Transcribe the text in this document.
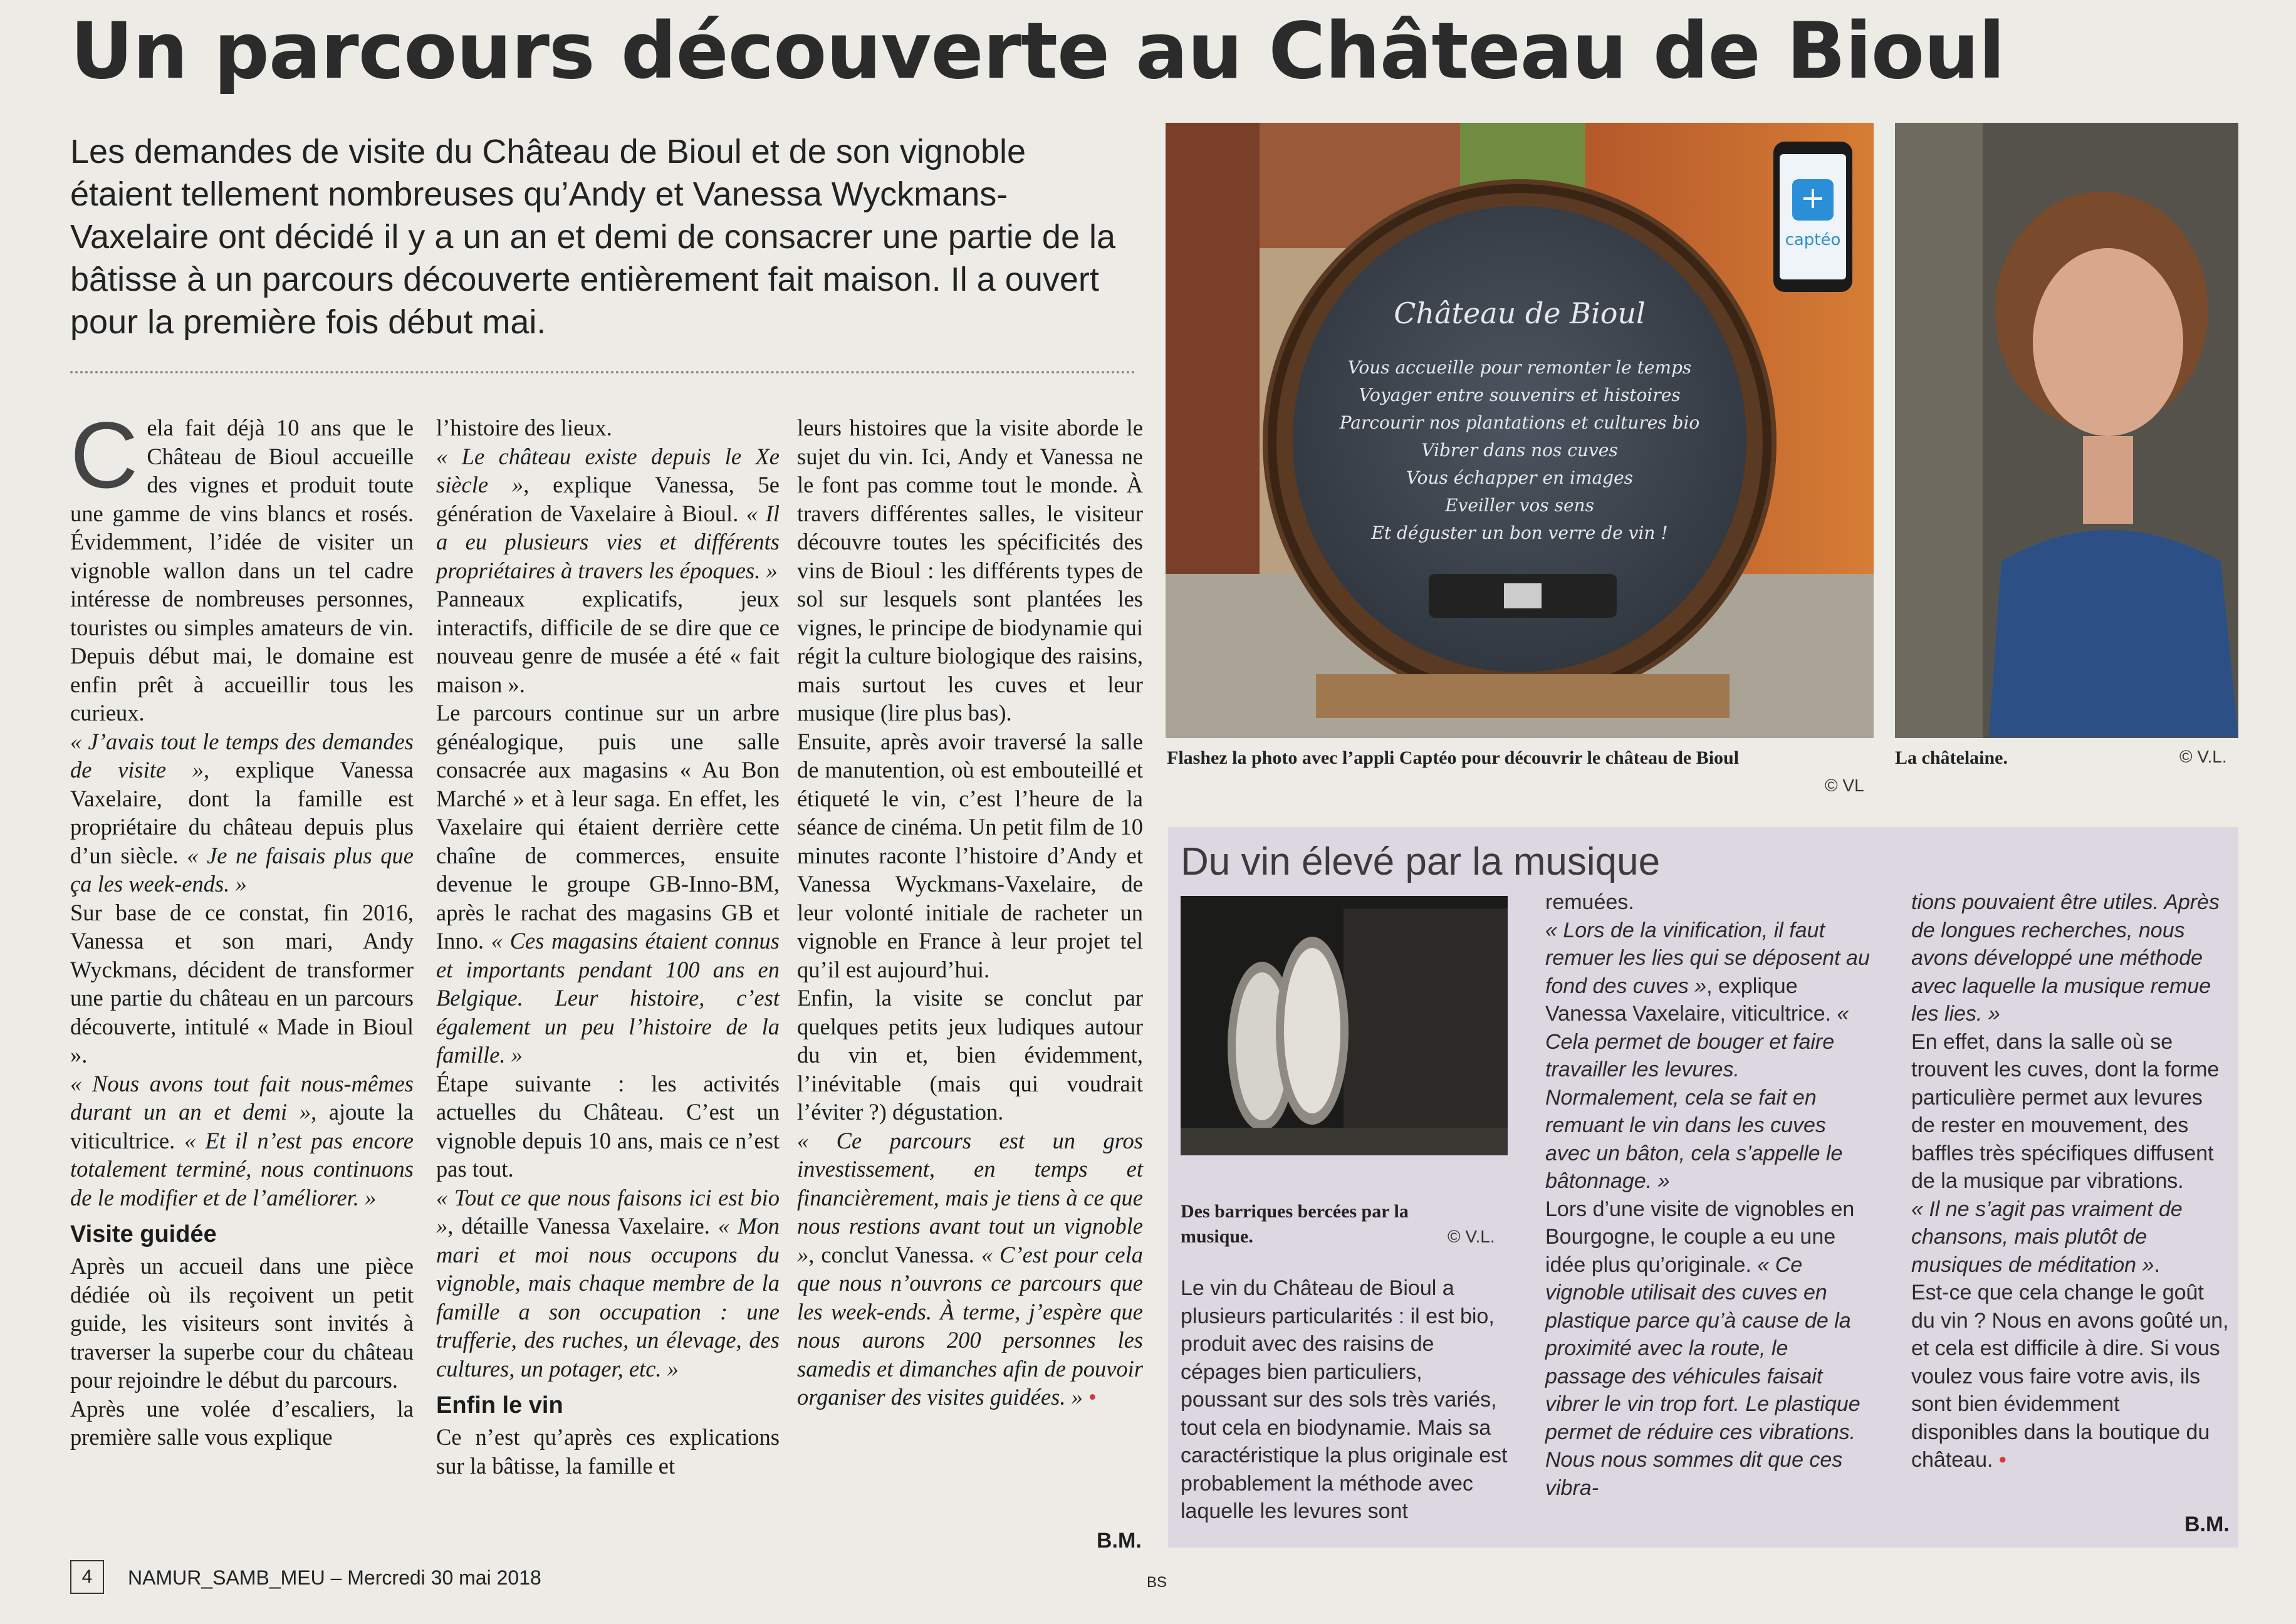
Un parcours découverte au Château de Bioul
Les demandes de visite du Château de Bioul et de son vignoble étaient tellement nombreuses qu’Andy et Vanessa Wyckmans-Vaxelaire ont décidé il y a un an et demi de consacrer une partie de la bâtisse à un parcours découverte entièrement fait maison. Il a ouvert pour la première fois début mai.
C ela fait déjà 10 ans que le Château de Bioul accueille des vignes et produit toute une gamme de vins blancs et rosés. Évidemment, l’idée de visiter un vignoble wallon dans un tel cadre intéresse de nombreuses personnes, touristes ou simples amateurs de vin. Depuis début mai, le domaine est enfin prêt à accueillir tous les curieux.

« J’avais tout le temps des demandes de visite », explique Vanessa Vaxelaire, dont la famille est propriétaire du château depuis plus d’un siècle. « Je ne faisais plus que ça les week-ends. »

Sur base de ce constat, fin 2016, Vanessa et son mari, Andy Wyckmans, décident de transformer une partie du château en un parcours découverte, intitulé « Made in Bioul ».

« Nous avons tout fait nous-mêmes durant un an et demi », ajoute la viticultrice. « Et il n’est pas encore totalement terminé, nous continuons de le modifier et de l’améliorer. »

Visite guidée

Après un accueil dans une pièce dédiée où ils reçoivent un petit guide, les visiteurs sont invités à traverser la superbe cour du château pour rejoindre le début du parcours.

Après une volée d’escaliers, la première salle vous explique

l’histoire des lieux.

« Le château existe depuis le Xe siècle », explique Vanessa, 5e génération de Vaxelaire à Bioul. « Il a eu plusieurs vies et différents propriétaires à travers les époques. »

Panneaux explicatifs, jeux interactifs, difficile de se dire que ce nouveau genre de musée a été « fait maison ».

Le parcours continue sur un arbre généalogique, puis une salle consacrée aux magasins « Au Bon Marché » et à leur saga. En effet, les Vaxelaire qui étaient derrière cette chaîne de commerces, ensuite devenue le groupe GB-Inno-BM, après le rachat des magasins GB et Inno. « Ces magasins étaient connus et importants pendant 100 ans en Belgique. Leur histoire, c’est également un peu l’histoire de la famille. »

Étape suivante : les activités actuelles du Château. C’est un vignoble depuis 10 ans, mais ce n’est pas tout.

« Tout ce que nous faisons ici est bio », détaille Vanessa Vaxelaire. « Mon mari et moi nous occupons du vignoble, mais chaque membre de la famille a son occupation : une trufferie, des ruches, un élevage, des cultures, un potager, etc. »

Enfin le vin

Ce n’est qu’après ces explications sur la bâtisse, la famille et

leurs histoires que la visite aborde le sujet du vin. Ici, Andy et Vanessa ne le font pas comme tout le monde. À travers différentes salles, le visiteur découvre toutes les spécificités des vins de Bioul : les différents types de sol sur lesquels sont plantées les vignes, le principe de biodynamie qui régit la culture biologique des raisins, mais surtout les cuves et leur musique (lire plus bas).

Ensuite, après avoir traversé la salle de manutention, où est embouteillé et étiqueté le vin, c’est l’heure de la séance de cinéma. Un petit film de 10 minutes raconte l’histoire d’Andy et Vanessa Wyckmans-Vaxelaire, de leur volonté initiale de racheter un vignoble en France à leur projet tel qu’il est aujourd’hui.

Enfin, la visite se conclut par quelques petits jeux ludiques autour du vin et, bien évidemment, l’inévitable (mais qui voudrait l’éviter ?) dégustation.

« Ce parcours est un gros investissement, en temps et financièrement, mais je tiens à ce que nous restions avant tout un vignoble », conclut Vanessa. « C’est pour cela que nous n’ouvrons ce parcours que les week-ends. À terme, j’espère que nous aurons 200 personnes les samedis et dimanches afin de pouvoir organiser des visites guidées. » •

B.M.
+
captéo
Château de Bioul
Vous accueille pour remonter le temps
Voyager entre souvenirs et histoires
Parcourir nos plantations et cultures bio
Vibrer dans nos cuves
Vous échapper en images
Eveiller vos sens
Et déguster un bon verre de vin !
Flashez la photo avec l’appli Captéo pour découvrir le château de Bioul
© VL
La châtelaine.	© V.L.
Du vin élevé par la musique
Des barriques bercées par la musique.	© V.L.

Le vin du Château de Bioul a plusieurs particularités : il est bio, produit avec des raisins de cépages bien particuliers, poussant sur des sols très variés, tout cela en biodynamie. Mais sa caractéristique la plus originale est probablement la méthode avec laquelle les levures sont

remuées.

« Lors de la vinification, il faut remuer les lies qui se déposent au fond des cuves », explique Vanessa Vaxelaire, viticultrice. « Cela permet de bouger et faire travailler les levures. Normalement, cela se fait en remuant le vin dans les cuves avec un bâton, cela s’appelle le bâtonnage. »

Lors d’une visite de vignobles en Bourgogne, le couple a eu une idée plus qu’originale. « Ce vignoble utilisait des cuves en plastique parce qu’à cause de la proximité avec la route, le passage des véhicules faisait vibrer le vin trop fort. Le plastique permet de réduire ces vibrations. Nous nous sommes dit que ces vibra-

tions pouvaient être utiles. Après de longues recherches, nous avons développé une méthode avec laquelle la musique remue les lies. »

En effet, dans la salle où se trouvent les cuves, dont la forme particulière permet aux levures de rester en mouvement, des baffles très spécifiques diffusent de la musique par vibrations.

« Il ne s’agit pas vraiment de chansons, mais plutôt de musiques de méditation ».

Est-ce que cela change le goût du vin ? Nous en avons goûté un, et cela est difficile à dire. Si vous voulez vous faire votre avis, ils sont bien évidemment disponibles dans la boutique du château. •

B.M.
4	NAMUR_SAMB_MEU – Mercredi 30 mai 2018	BS
